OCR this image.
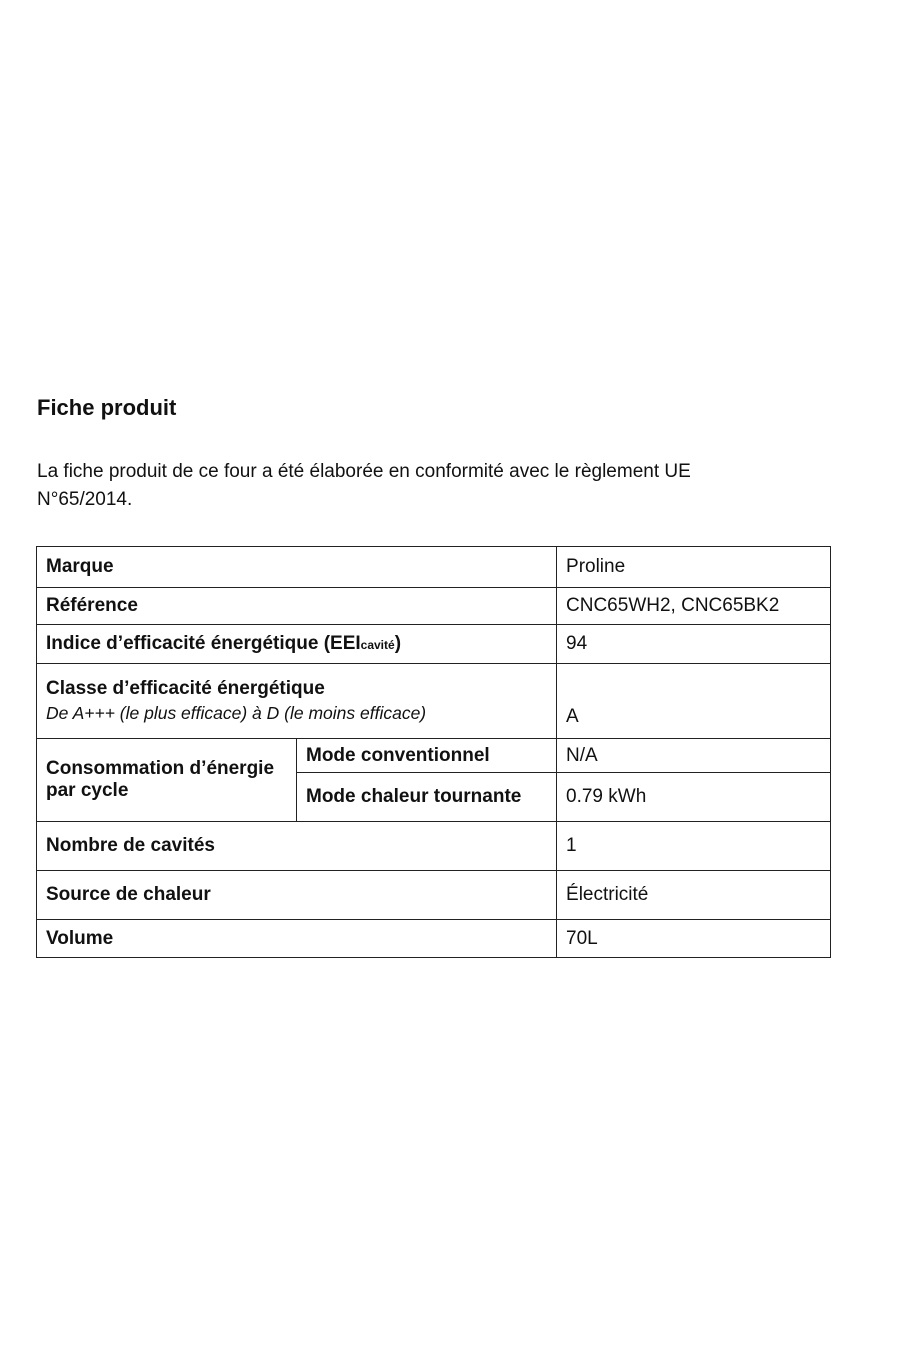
Fiche produit

La fiche produit de ce four a été élaborée en conformité avec le règlement UE
N°65/2014.

Marque		Proline
Référence		CNC65WH2, CNC65BK2
Indice d’efficacité énergétique (EEIcavité)		94
Classe d’efficacité énergétique
De A+++ (le plus efficace) à D (le moins efficace)		A
Consommation d’énergie par cycle	Mode conventionnel	N/A
	Mode chaleur tournante	0.79 kWh
Nombre de cavités		1
Source de chaleur		Électricité
Volume		70L
